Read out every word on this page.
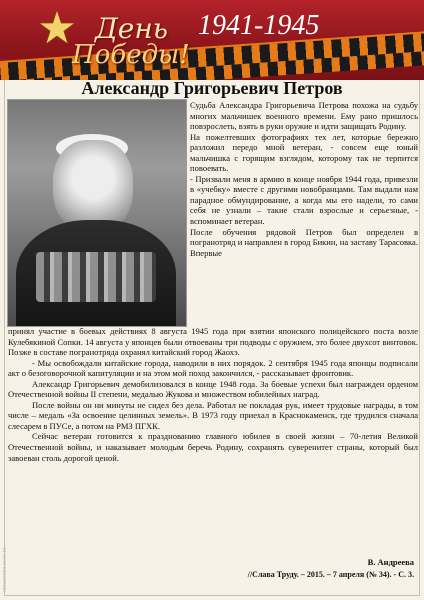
★ День
Победы!
1941-1945
Александр Григорьевич Петров

Судьба Александра Григорьевича Петрова похожа на судьбу многих мальчишек военного времени. Ему рано пришлось повзрослеть, взять в руки оружие и идти защищать Родину.

На пожелтевших фотографиях тех лет, которые бережно разложил передо мной ветеран, - совсем еще юный мальчишка с горящим взглядом, которому так не терпится повоевать.

- Призвали меня в армию в конце ноября 1944 года, привезли в «учебку» вместе с другими новобранцами. Там выдали нам парадное обмундирование, а когда мы его надели, то сами себя не узнали – такие стали взрослые и серьезные, - вспоминает ветеран.

После обучения рядовой Петров был определен в погранотряд и направлен в город Бикин, на заставу Тарасовка. Впервые

принял участие в боевых действиях 8 августа 1945 года при взятии японского полицейского поста возле Кулебякиной Сопки. 14 августа у японцев были отвоеваны три подводы с оружием, это более двухсот винтовок. Позже в составе погранотряда охранял китайский город Жаохэ.

- Мы освобождали китайские города, наводили в них порядок. 2 сентября 1945 года японцы подписали акт о безоговорочной капитуляции и на этом мой поход закончился, - рассказывает фронтовик.

Александр Григорьевич демобилизовался в конце 1948 года. За боевые успехи был награжден орденом Отечественной войны II степени, медалью Жукова и множеством юбилейных наград.

После войны он ни минуты не сидел без дела. Работал не покладая рук, имеет трудовые награды, в том числе – медаль «За освоение целинных земель». В 1973 году приехал в Краснокаменск, где трудился сначала слесарем в ПУСе, а потом на РМЗ ПГХК.

Сейчас ветеран готовится к празднованию главного юбилея в своей жизни – 70-летия Великой Отечественной войны, и наказывает молодым беречь Родину, сохранять суверенитет страны, который был завоеван столь дорогой ценой.

В. Андреева
//Слава Труду. – 2015. – 7 апреля (№ 34). - С. 3.
elmarenko.ucoz.ru
